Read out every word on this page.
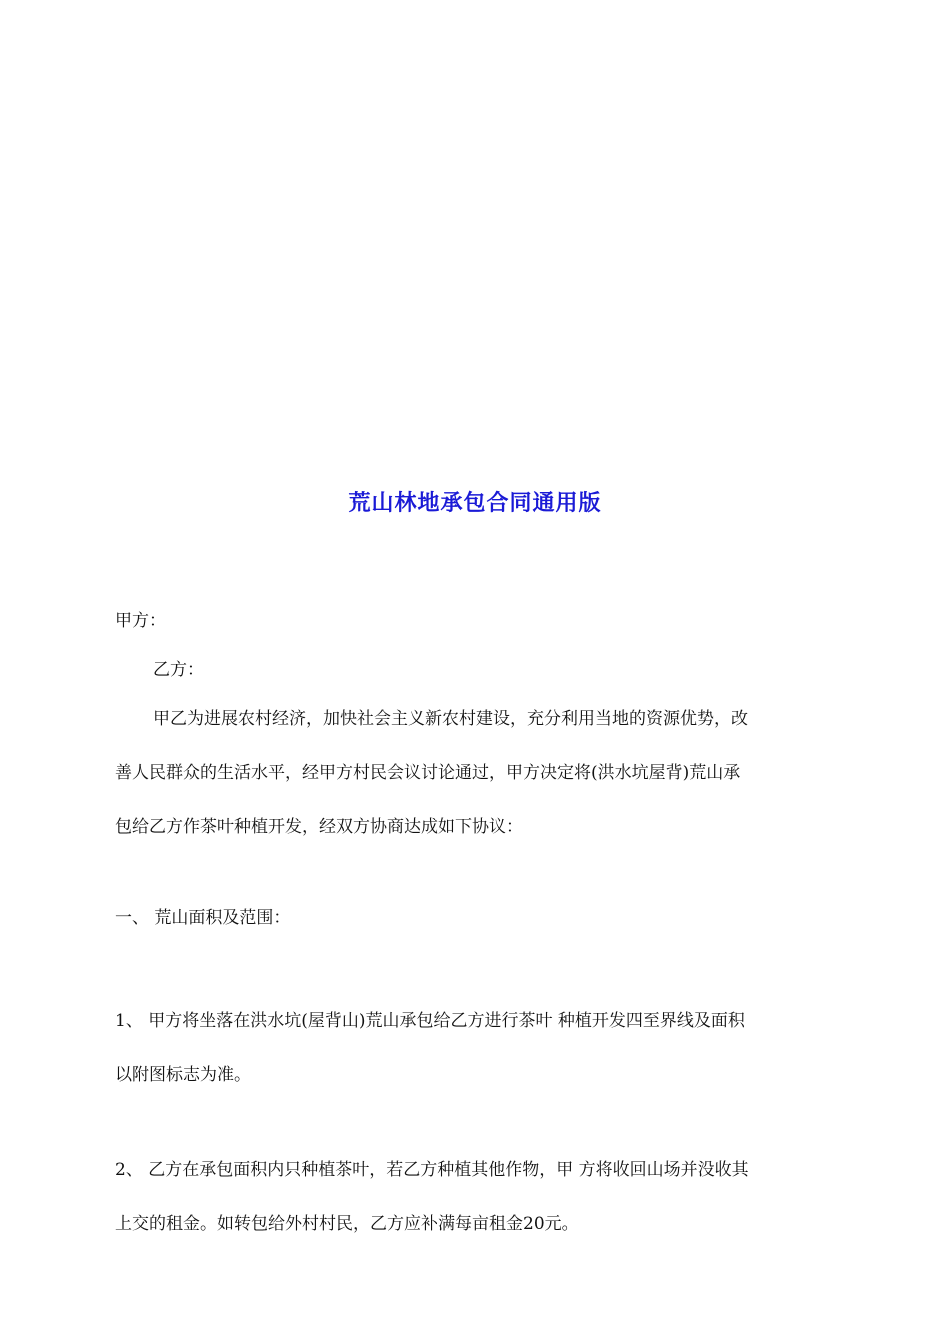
荒山林地承包合同通用版
甲方：
乙方：
甲乙为进展农村经济，加快社会主义新农村建设，充分利用当地的资源优势，改
善人民群众的生活水平，经甲方村民会议讨论通过，甲方决定将(洪水坑屋背)荒山承
包给乙方作茶叶种植开发，经双方协商达成如下协议：
一、 荒山面积及范围：
1、 甲方将坐落在洪水坑(屋背山)荒山承包给乙方进行茶叶 种植开发四至界线及面积
以附图标志为准。
2、 乙方在承包面积内只种植茶叶，若乙方种植其他作物，甲 方将收回山场并没收其
上交的租金。如转包给外村村民，乙方应补满每亩租金20元。
